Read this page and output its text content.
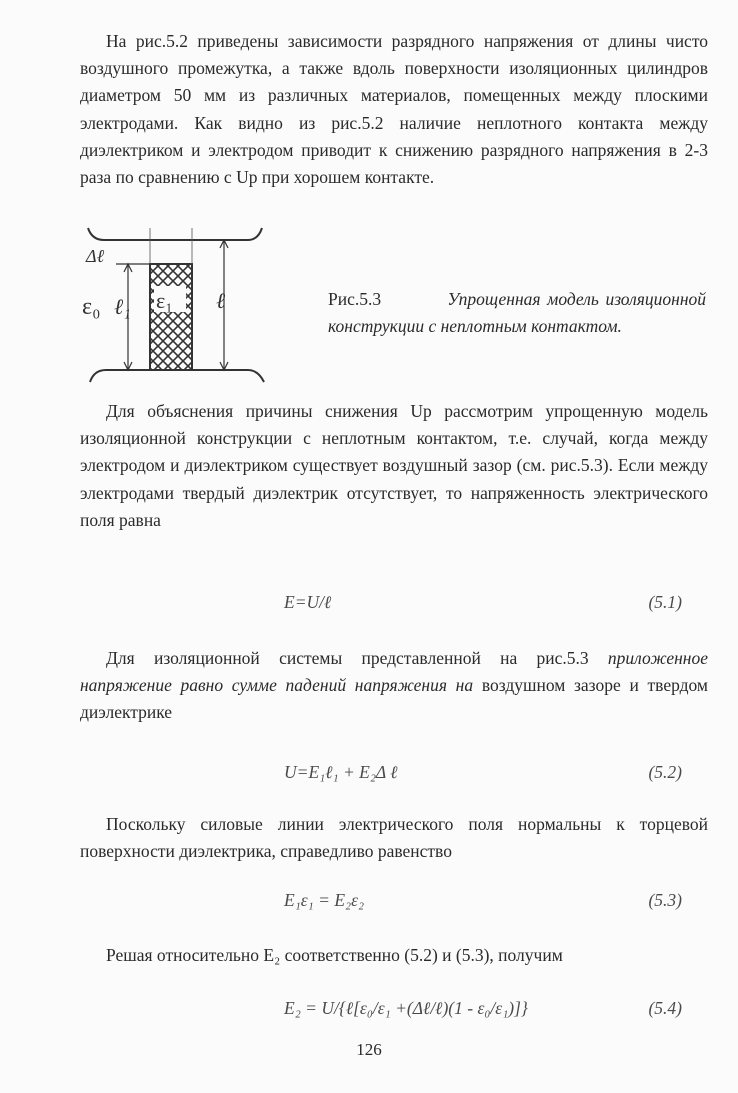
На рис.5.2 приведены зависимости разрядного напряжения от длины чисто воздушного промежутка, а также вдоль поверхности изоляционных цилиндров диаметром 50 мм из различных материалов, помещенных между плоскими электродами. Как видно из рис.5.2 наличие неплотного контакта между диэлектриком и электродом приводит к снижению разрядного напряжения в 2-3 раза по сравнению с Uр при хорошем контакте.
Δℓ
ε₀ ℓ₁ ε₁ ℓ	Рис.5.3	Упрощенная модель изоляционной конструкции с неплотным контактом.
Для объяснения причины снижения Uр рассмотрим упрощенную модель изоляционной конструкции с неплотным контактом, т.е. случай, когда между электродом и диэлектриком существует воздушный зазор (см. рис.5.3). Если между электродами твердый диэлектрик отсутствует, то напряженность электрического поля равна
E=U/ℓ	(5.1)
Для изоляционной системы представленной на рис.5.3 приложенное напряжение равно сумме падений напряжения на воздушном зазоре и твердом диэлектрике
U=E₁ℓ₁ + E₂Δ ℓ	(5.2)
Поскольку силовые линии электрического поля нормальны к торцевой поверхности диэлектрика, справедливо равенство
E₁ε₁ = E₂ε₂	(5.3)
Решая относительно E₂ соответственно (5.2) и (5.3), получим
E₂ = U/{ℓ[ε₀/ε₁ +(Δℓ/ℓ)(1 - ε₀/ε₁)]}	(5.4)
126
